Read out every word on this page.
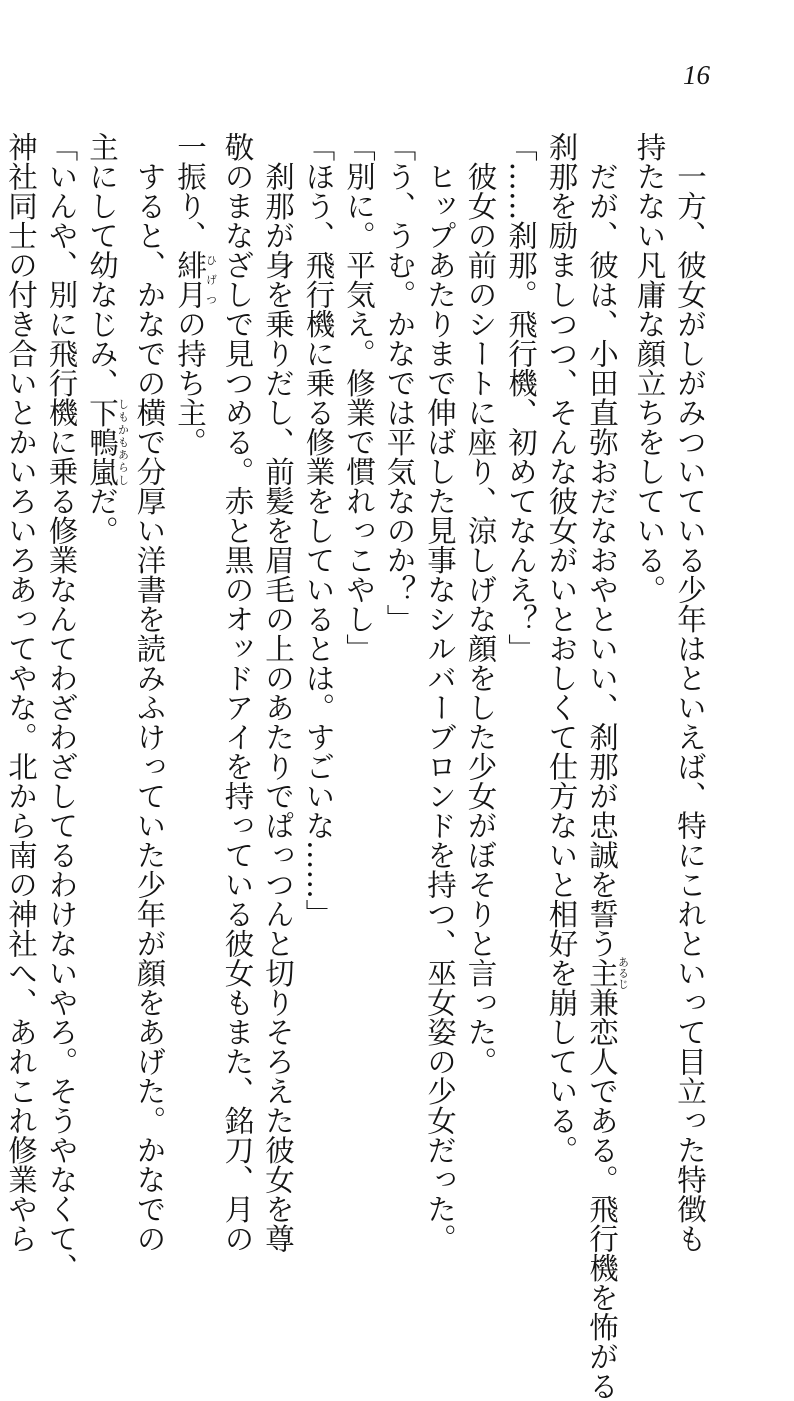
16
　一方、彼女がしがみついている少年はといえば、特にこれといって目立った特徴も
持たない凡庸な顔立ちをしている。
　だが、彼は、小田直弥おだなおやといい、刹那が忠誠を誓う主あるじ兼恋人である。飛行機を怖がる
刹那を励ましつつ、そんな彼女がいとおしくて仕方ないと相好を崩している。
「……刹那。飛行機、初めてなんえ？」
　彼女の前のシートに座り、涼しげな顔をした少女がぼそりと言った。
　ヒップあたりまで伸ばした見事なシルバーブロンドを持つ、巫女姿の少女だった。
「う、うむ。かなでは平気なのか？」
「別に。平気え。修業で慣れっこやし」
「ほう、飛行機に乗る修業をしているとは。すごいな……」
　刹那が身を乗りだし、前髪を眉毛の上のあたりでぱっつんと切りそろえた彼女を尊
敬のまなざしで見つめる。赤と黒のオッドアイを持っている彼女もまた、銘刀、月の
一振り、緋月ひげつの持ち主。
　すると、かなでの横で分厚い洋書を読みふけっていた少年が顔をあげた。かなでの
主にして幼なじみ、下鴨嵐しもかもあらしだ。
「いんや、別に飛行機に乗る修業なんてわざわざしてるわけないやろ。そうやなくて、
神社同士の付き合いとかいろいろあってやな。北から南の神社へ、あれこれ修業やら
